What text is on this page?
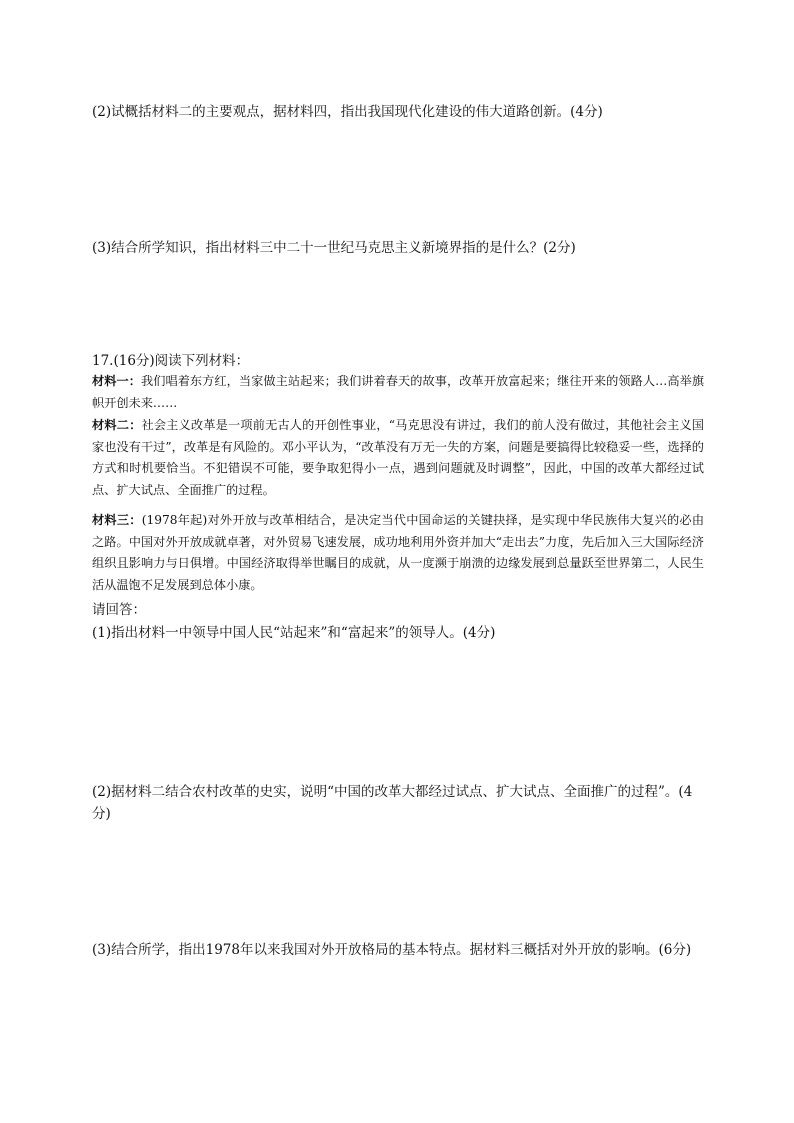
(2)试概括材料二的主要观点，据材料四，指出我国现代化建设的伟大道路创新。(4分)
(3)结合所学知识，指出材料三中二十一世纪马克思主义新境界指的是什么？(2分)
17.(16分)阅读下列材料：
材料一：我们唱着东方红，当家做主站起来；我们讲着春天的故事，改革开放富起来；继往开来的领路人…高举旗帜开创未来……
材料二：社会主义改革是一项前无古人的开创性事业，“马克思没有讲过，我们的前人没有做过，其他社会主义国家也没有干过”，改革是有风险的。邓小平认为，“改革没有万无一失的方案，问题是要搞得比较稳妥一些，选择的方式和时机要恰当。不犯错误不可能，要争取犯得小一点，遇到问题就及时调整”，因此，中国的改革大都经过试点、扩大试点、全面推广的过程。
材料三：(1978年起)对外开放与改革相结合，是决定当代中国命运的关键抉择，是实现中华民族伟大复兴的必由之路。中国对外开放成就卓著，对外贸易飞速发展，成功地利用外资并加大“走出去”力度，先后加入三大国际经济组织且影响力与日俱增。中国经济取得举世瞩目的成就，从一度濒于崩溃的边缘发展到总量跃至世界第二，人民生活从温饱不足发展到总体小康。
请回答：
(1)指出材料一中领导中国人民“站起来”和“富起来”的领导人。(4分)
(2)据材料二结合农村改革的史实，说明“中国的改革大都经过试点、扩大试点、全面推广的过程”。(4分)
(3)结合所学，指出1978年以来我国对外开放格局的基本特点。据材料三概括对外开放的影响。(6分)
